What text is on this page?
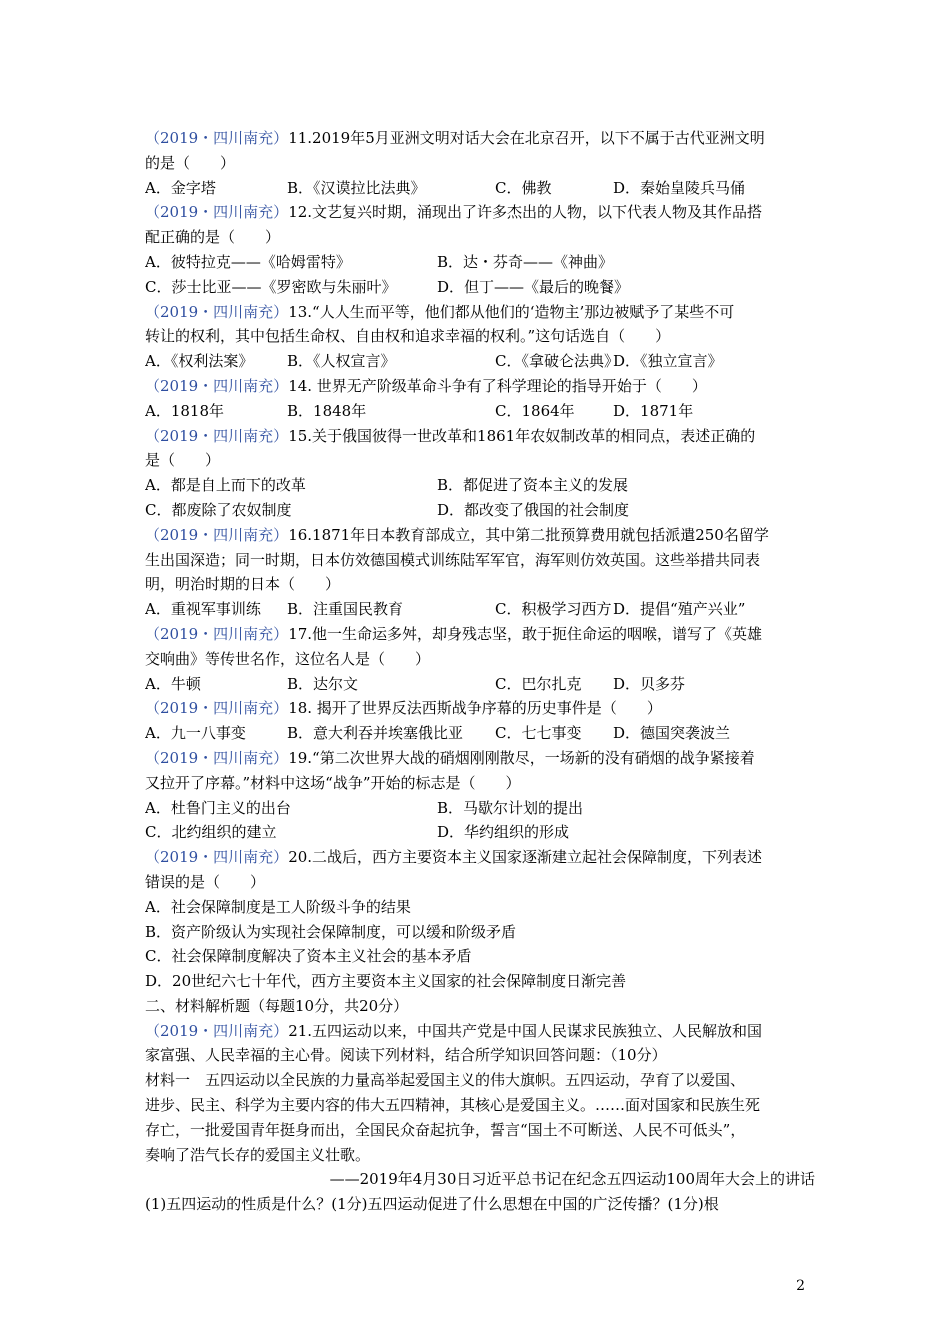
（2019・四川南充）11.2019年5月亚洲文明对话大会在北京召开，以下不属于古代亚洲文明
的是（　　）
A．金字塔	B．《汉谟拉比法典》	C．佛教	D．秦始皇陵兵马俑
（2019・四川南充）12.文艺复兴时期，涌现出了许多杰出的人物，以下代表人物及其作品搭
配正确的是（　　）
A．彼特拉克——《哈姆雷特》	B．达・芬奇——《神曲》
C．莎士比亚——《罗密欧与朱丽叶》	D．但丁——《最后的晚餐》
（2019・四川南充）13.“人人生而平等，他们都从他们的‘造物主’那边被赋予了某些不可
转让的权利，其中包括生命权、自由权和追求幸福的权利。”这句话选自（　　）
A．《权利法案》	B．《人权宣言》	C．《拿破仑法典》
D．《独立宣言》
（2019・四川南充）14. 世界无产阶级革命斗争有了科学理论的指导开始于（　　）
A．1818年	B．1848年	C．1864年	D．1871年
（2019・四川南充）15.关于俄国彼得一世改革和1861年农奴制改革的相同点，表述正确的
是（　　）
A．都是自上而下的改革	B．都促进了资本主义的发展
C．都废除了农奴制度	D．都改变了俄国的社会制度
（2019・四川南充）16.1871年日本教育部成立，其中第二批预算费用就包括派遣250名留学
生出国深造；同一时期，日本仿效德国模式训练陆军军官，海军则仿效英国。这些举措共同表
明，明治时期的日本（　　）
A．重视军事训练	B．注重国民教育	C．积极学习西方 D．提倡“殖产兴业”
（2019・四川南充）17.他一生命运多舛，却身残志坚，敢于扼住命运的咽喉，谱写了《英雄
交响曲》等传世名作，这位名人是（　　）
A．牛顿	B．达尔文	C．巴尔扎克	D．贝多芬
（2019・四川南充）18. 揭开了世界反法西斯战争序幕的历史事件是（　　）
A．九一八事变	B．意大利吞并埃塞俄比亚	C．七七事变	D．德国突袭波兰
（2019・四川南充）19.“第二次世界大战的硝烟刚刚散尽，一场新的没有硝烟的战争紧接着
又拉开了序幕。”材料中这场“战争”开始的标志是（　　）
A．杜鲁门主义的出台	B．马歇尔计划的提出
C．北约组织的建立	D．华约组织的形成
（2019・四川南充）20.二战后，西方主要资本主义国家逐渐建立起社会保障制度，下列表述
错误的是（　　）
A．社会保障制度是工人阶级斗争的结果
B．资产阶级认为实现社会保障制度，可以缓和阶级矛盾
C．社会保障制度解决了资本主义社会的基本矛盾
D．20世纪六七十年代，西方主要资本主义国家的社会保障制度日渐完善
二、材料解析题（每题10分，共20分）
（2019・四川南充）21.五四运动以来，中国共产党是中国人民谋求民族独立、人民解放和国
家富强、人民幸福的主心骨。阅读下列材料，结合所学知识回答问题：（10分）
材料一　五四运动以全民族的力量高举起爱国主义的伟大旗帜。五四运动，孕育了以爱国、
进步、民主、科学为主要内容的伟大五四精神，其核心是爱国主义。……面对国家和民族生死
存亡，一批爱国青年挺身而出，全国民众奋起抗争，誓言“国土不可断送、人民不可低头”，
奏响了浩气长存的爱国主义壮歌。
——2019年4月30日习近平总书记在纪念五四运动100周年大会上的讲话
(1)五四运动的性质是什么？(1分)五四运动促进了什么思想在中国的广泛传播？(1分)根
2
